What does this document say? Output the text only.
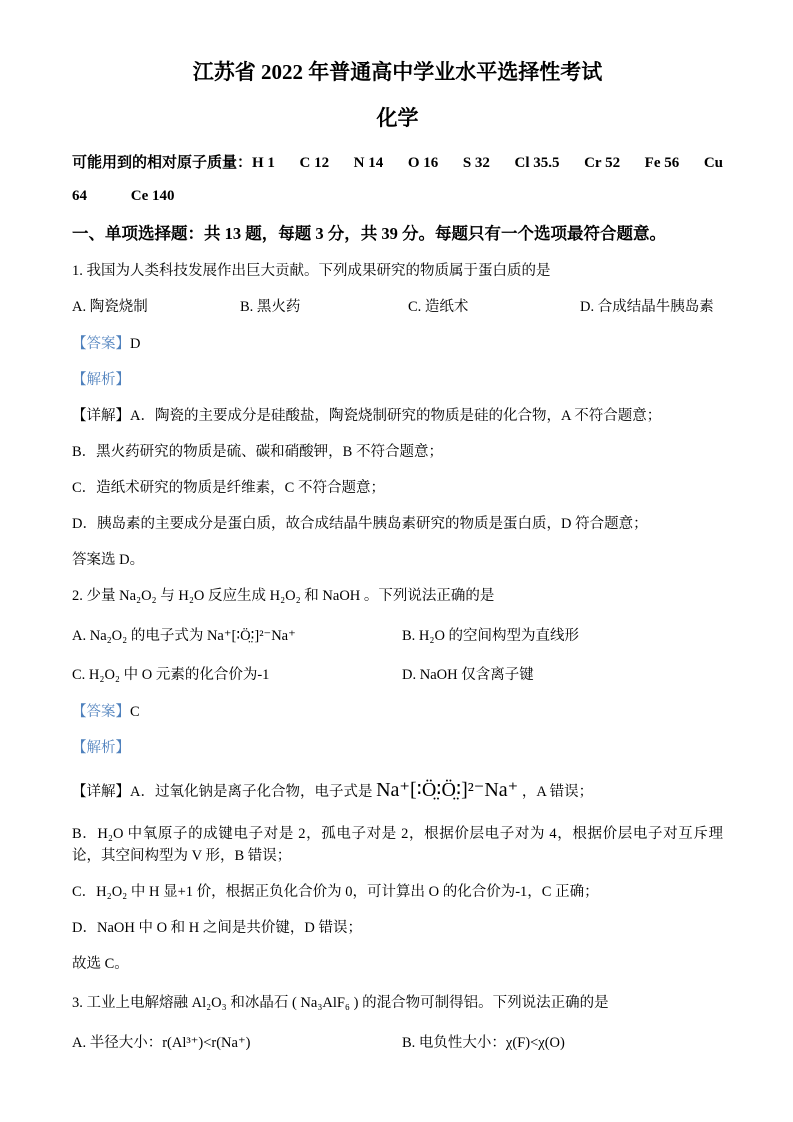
江苏省 2022 年普通高中学业水平选择性考试
化学
可能用到的相对原子质量：H 1 C 12 N 14 O 16 S 32 Cl 35.5 Cr 52 Fe 56 Cu
64	Ce 140
一、单项选择题：共 13 题，每题 3 分，共 39 分。每题只有一个选项最符合题意。

1. 我国为人类科技发展作出巨大贡献。下列成果研究的物质属于蛋白质的是

A. 陶瓷烧制	B. 黑火药	C. 造纸术	D. 合成结晶牛胰岛素

【答案】D

【解析】

【详解】A．陶瓷的主要成分是硅酸盐，陶瓷烧制研究的物质是硅的化合物，A 不符合题意；

B．黑火药研究的物质是硫、碳和硝酸钾，B 不符合题意；

C．造纸术研究的物质是纤维素，C 不符合题意；

D．胰岛素的主要成分是蛋白质，故合成结晶牛胰岛素研究的物质是蛋白质，D 符合题意；

答案选 D。

2. 少量 Na₂O₂ 与 H₂O 反应生成 H₂O₂ 和 NaOH 。下列说法正确的是

A. Na₂O₂ 的电子式为 Na⁺[∶Ö̤∶]²⁻Na⁺	B. H₂O 的空间构型为直线形
C. H₂O₂ 中 O 元素的化合价为-1	D. NaOH 仅含离子键

【答案】C

【解析】

【详解】A．过氧化钠是离子化合物，电子式是 Na⁺[∶Ö̤∶Ö̤∶]²⁻Na⁺ ，A 错误；

B．H₂O 中氧原子的成键电子对是 2，孤电子对是 2，根据价层电子对为 4，根据价层电子对互斥理论，其空间构型为 V 形，B 错误；

C．H₂O₂ 中 H 显+1 价，根据正负化合价为 0，可计算出 O 的化合价为-1，C 正确；

D．NaOH 中 O 和 H 之间是共价键，D 错误；

故选 C。

3. 工业上电解熔融 Al₂O₃ 和冰晶石 ( Na₃AlF₆ ) 的混合物可制得铝。下列说法正确的是

A. 半径大小：r(Al³⁺)<r(Na⁺)	B. 电负性大小：χ(F)<χ(O)
